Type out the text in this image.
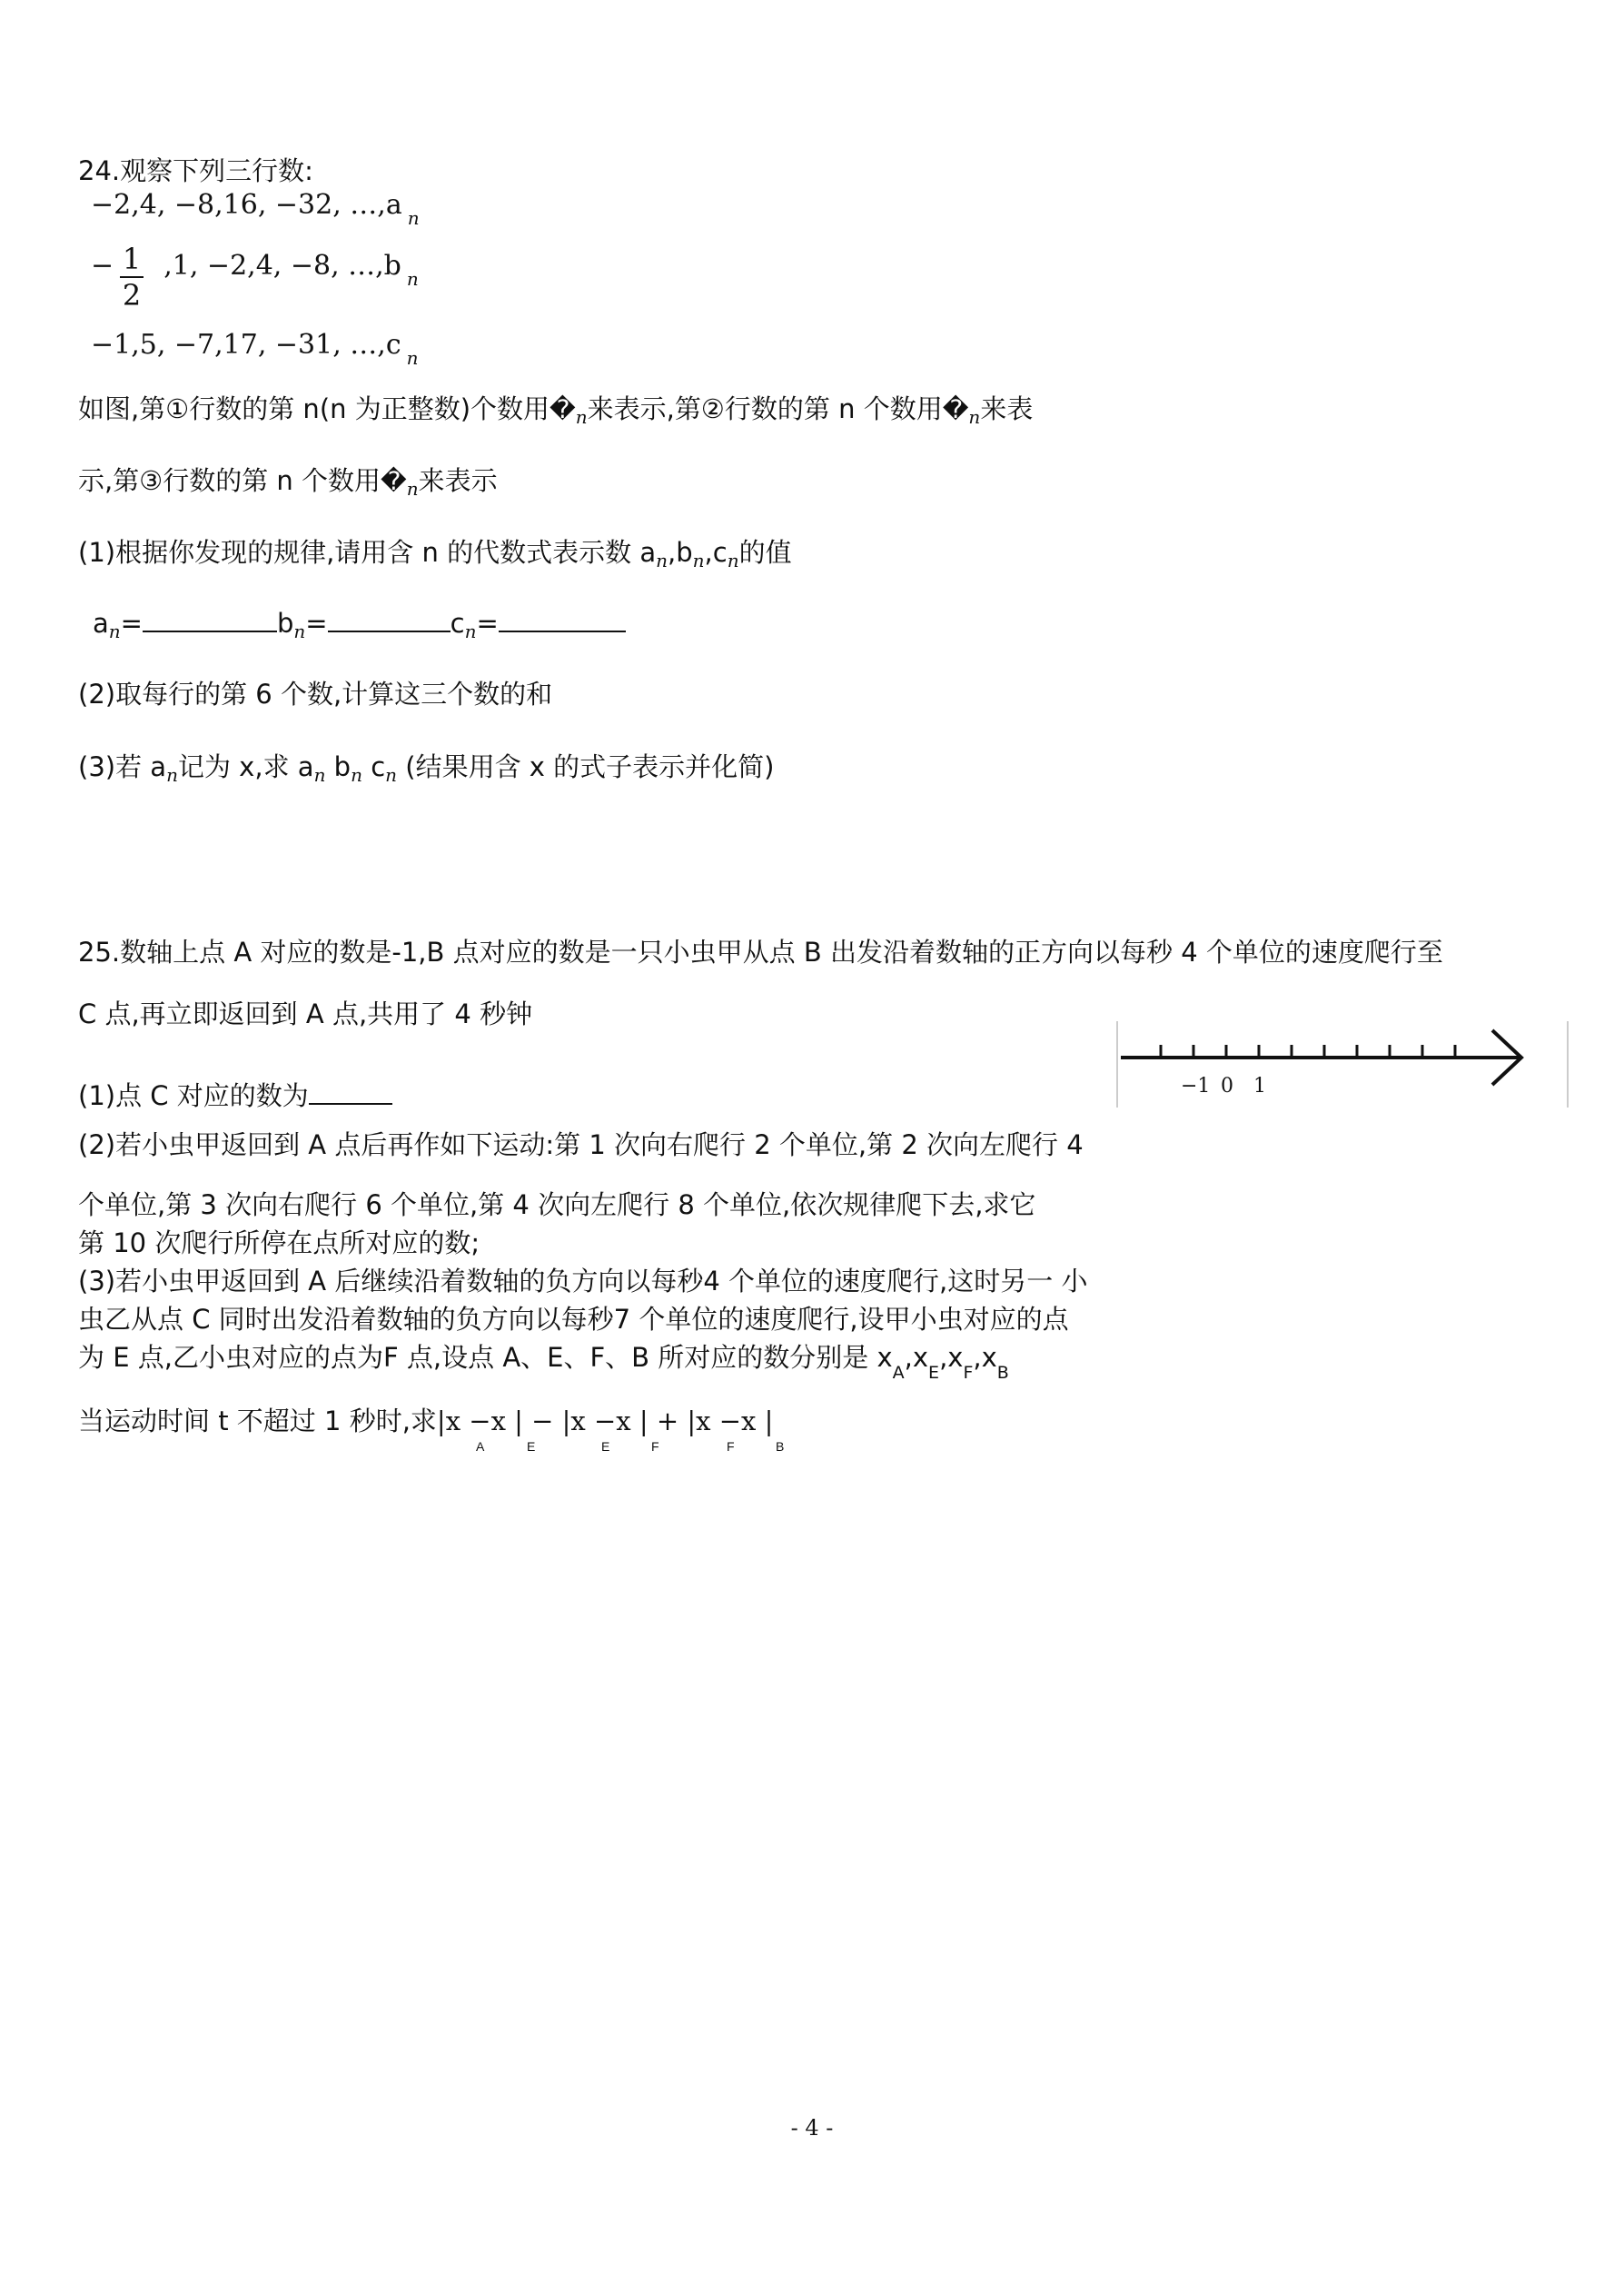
24.观察下列三行数:
−2,4, −8,16, −32, …,a $_n$
− ,1, −2,4, −8, …,b $_n$
1
2
−1,5, −7,17, −31, …,c $_n$
如图,第①行数的第 n(n 为正整数)个数用$�_n$来表示,第②行数的第 n 个数用$�_n$来表
示,第③行数的第 n 个数用$�_n$来表示
(1)根据你发现的规律,请用含 n 的代数式表示数 $a_n,b_n,c_n$的值
$a_n=$	$b_n=$	$c_n=$
(2)取每行的第 6 个数,计算这三个数的和
(3)若 $a_n$记为 x,求 $a_n$ $b_n$ $c_n$ (结果用含 x 的式子表示并化简)
25.数轴上点 A 对应的数是-1,B 点对应的数是一只小虫甲从点 B 出发沿着数轴的正方向以每秒 4 个单位的速度爬行至
C 点,再立即返回到 A 点,共用了 4 秒钟
−1 0 1
(1)点 C 对应的数为
(2)若小虫甲返回到 A 点后再作如下运动:第 1 次向右爬行 2 个单位,第 2 次向左爬行 4
个单位,第 3 次向右爬行 6 个单位,第 4 次向左爬行 8 个单位,依次规律爬下去,求它
第 10 次爬行所停在点所对应的数;
(3)若小虫甲返回到 A 后继续沿着数轴的负方向以每秒4 个单位的速度爬行,这时另一 小
虫乙从点 C 同时出发沿着数轴的负方向以每秒7 个单位的速度爬行,设甲小虫对应的点
为 E 点,乙小虫对应的点为F 点,设点 A、E、F、B 所对应的数分别是 $x_A,x_E,x_F,x_B$
当运动时间 t 不超过 1 秒时,求|x −x | − |x −x | + |x −x |
A	E	E	F	F	B
- 4 -
